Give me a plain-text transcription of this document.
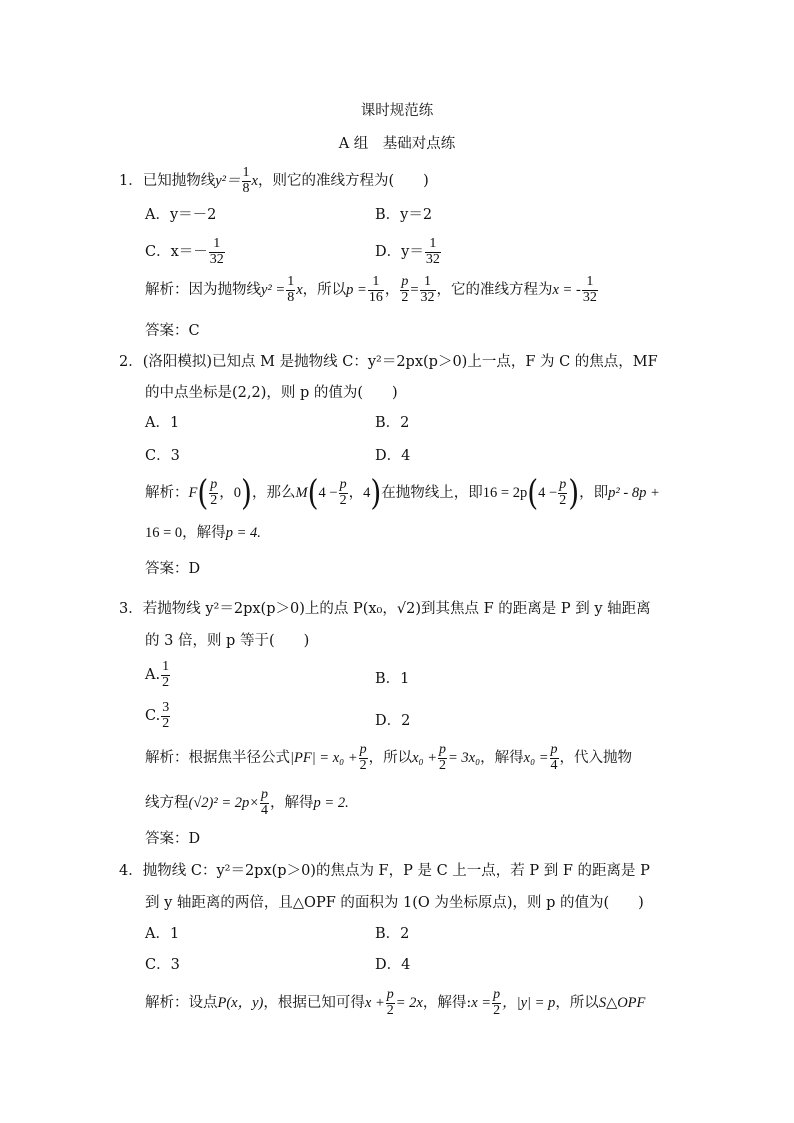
课时规范练
A 组　基础对点练
1．已知抛物线$y^2= \frac{1}{8}$ x，则它的准线方程为(　　)
A．y＝－2	B．y＝2
C．$x=- \frac{1}{32}$	D．$y= \frac{1}{32}$
解析：因为抛物线$y^2 = \frac{1}{8}$ x，所以$p = \frac{1}{16}$ ， $\frac{p}{2} = \frac{1}{32}$ ，它的准线方程为x = - $\frac{1}{32}$
答案：C
2．(洛阳模拟)已知点 M 是抛物线 C：y²＝2px(p＞0)上一点，F 为 C 的焦点，MF
的中点坐标是(2,2)，则 p 的值为(　　)
A．1	B．2
C．3	D．4
解析：$F( \frac{p}{2}$ ，0)，那么$M(4 - \frac{p}{2}$ ，4)在抛物线上，即$16 = 2p(4 - \frac{p}{2}$ )，即p² - 8p +
16 = 0，解得p = 4.
答案：D
3．若抛物线 y²＝2px(p＞0)上的点 P(x₀，√2)到其焦点 F 的距离是 P 到 y 轴距离
的 3 倍，则 p 等于(　　)
A. $\frac{1}{2}$	B．1
C. $\frac{3}{2}$	D．2
解析：根据焦半径公式$|PF| = x_0 + \frac{p}{2}$ ，所以$x_0 + \frac{p}{2} = 3x_0$，解得$x_0 = \frac{p}{4}$ ，代入抛物
线方程$(√2)^2 = 2p\times \frac{p}{4}$ ，解得p = 2.
答案：D
4．抛物线 C：y²＝2px(p＞0)的焦点为 F，P 是 C 上一点，若 P 到 F 的距离是 P
到 y 轴距离的两倍，且△OPF 的面积为 1(O 为坐标原点)，则 p 的值为(　　)
A．1	B．2
C．3	D．4
解析：设点P(x，y)，根据已知可得$x + \frac{p}{2} = 2x$，解得:x = $\frac{p}{2}$ ，|y| = p，所以S△OPF
